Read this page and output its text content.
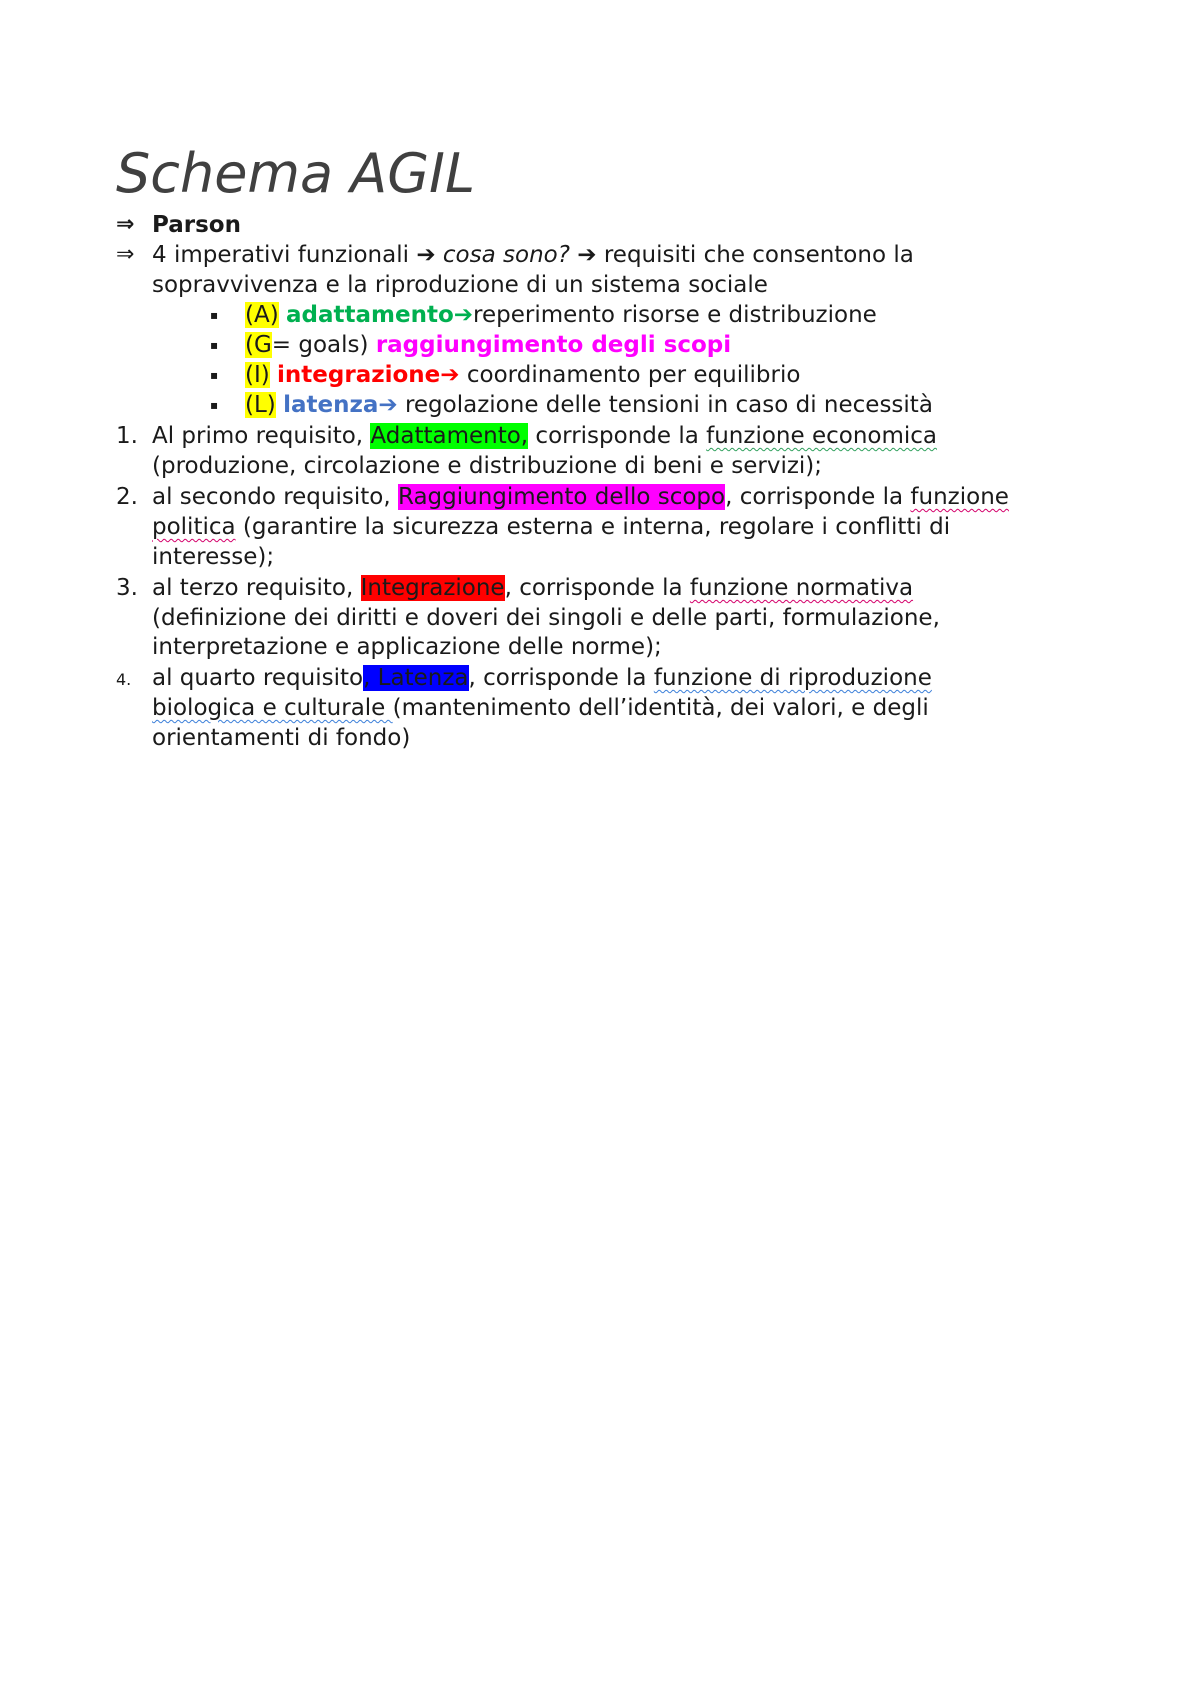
Schema AGIL
⇒ Parson
⇒ 4 imperativi funzionali ➔ cosa sono? ➔ requisiti che consentono la
sopravvivenza e la riproduzione di un sistema sociale
▪ (A) adattamento➔reperimento risorse e distribuzione
▪ (G= goals) raggiungimento degli scopi
▪ (I) integrazione➔ coordinamento per equilibrio
▪ (L) latenza➔ regolazione delle tensioni in caso di necessità
1. Al primo requisito, Adattamento, corrisponde la funzione economica
(produzione, circolazione e distribuzione di beni e servizi);
2. al secondo requisito, Raggiungimento dello scopo, corrisponde la funzione
politica (garantire la sicurezza esterna e interna, regolare i conflitti di
interesse);
3. al terzo requisito, Integrazione, corrisponde la funzione normativa
(definizione dei diritti e doveri dei singoli e delle parti, formulazione,
interpretazione e applicazione delle norme);
4. al quarto requisito, Latenza, corrisponde la funzione di riproduzione
biologica e culturale (mantenimento dell’identità, dei valori, e degli
orientamenti di fondo)
